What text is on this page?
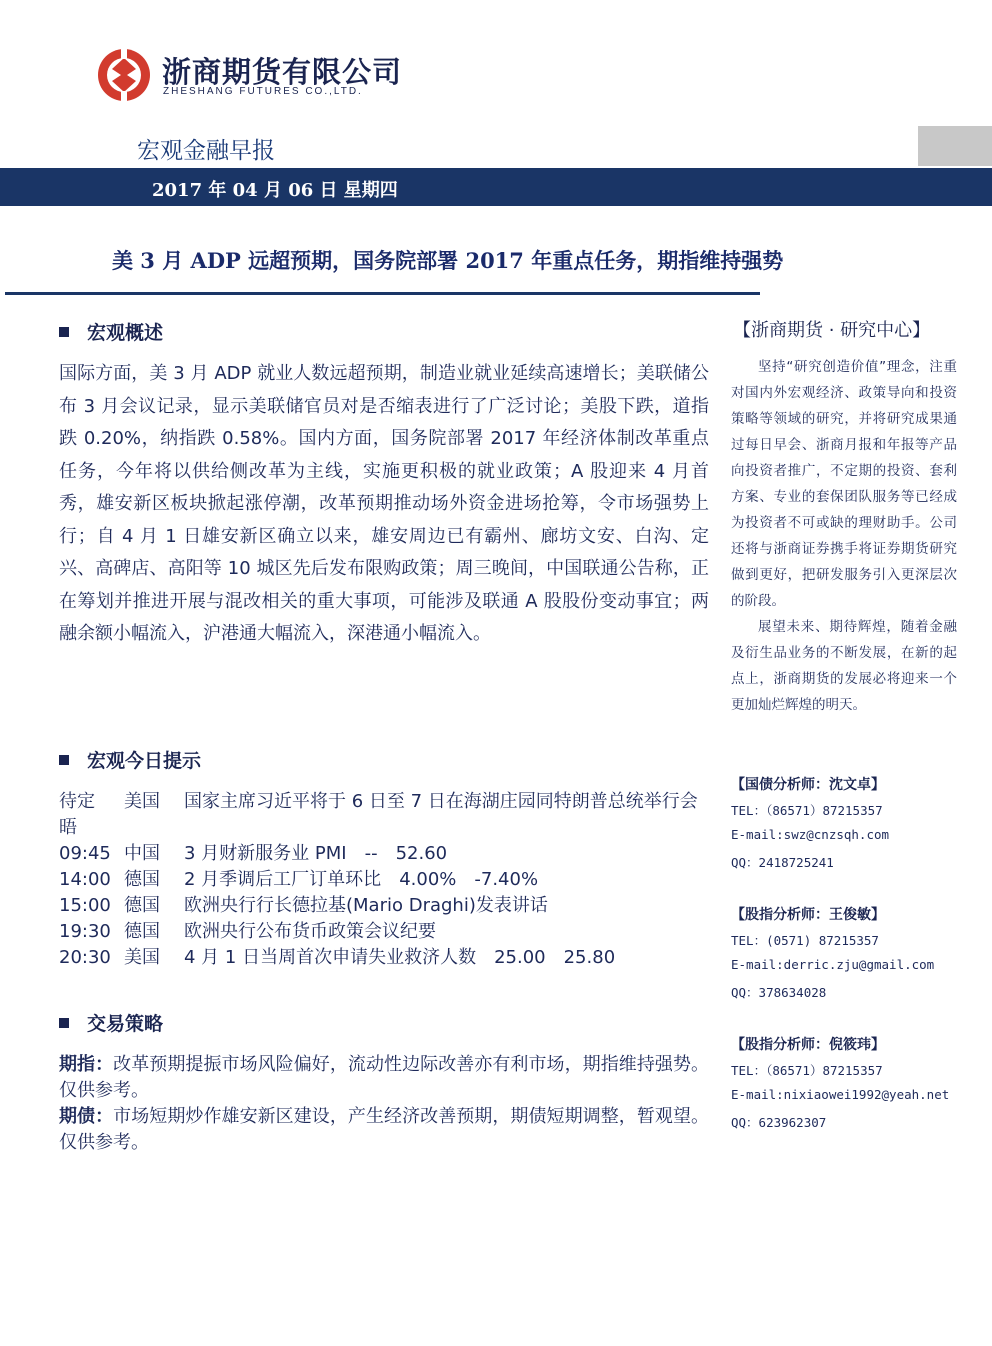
浙商期货有限公司
ZHESHANG FUTURES CO.,LTD.
宏观金融早报
2017 年 04 月 06 日 星期四
美 3 月 ADP 远超预期，国务院部署 2017 年重点任务，期指维持强势
宏观概述
国际方面，美 3 月 ADP 就业人数远超预期，制造业就业延续高速增长；美联储公布 3 月会议记录，显示美联储官员对是否缩表进行了广泛讨论；美股下跌，道指跌 0.20%，纳指跌 0.58%。国内方面，国务院部署 2017 年经济体制改革重点任务，今年将以供给侧改革为主线，实施更积极的就业政策；A 股迎来 4 月首秀，雄安新区板块掀起涨停潮，改革预期推动场外资金进场抢筹，令市场强势上行；自 4 月 1 日雄安新区确立以来，雄安周边已有霸州、廊坊文安、白沟、定兴、高碑店、高阳等 10 城区先后发布限购政策；周三晚间，中国联通公告称，正在筹划并推进开展与混改相关的重大事项，可能涉及联通 A 股股份变动事宜；两融余额小幅流入，沪港通大幅流入，深港通小幅流入。
宏观今日提示
待定 美国 国家主席习近平将于 6 日至 7 日在海湖庄园同特朗普总统举行会晤
09:45 中国 3 月财新服务业 PMI -- 52.60
14:00 德国 2 月季调后工厂订单环比 4.00% -7.40%
15:00 德国 欧洲央行行长德拉基(Mario Draghi)发表讲话
19:30 德国 欧洲央行公布货币政策会议纪要
20:30 美国 4 月 1 日当周首次申请失业救济人数 25.00 25.80
交易策略
期指：改革预期提振市场风险偏好，流动性边际改善亦有利市场，期指维持强势。仅供参考。
期债：市场短期炒作雄安新区建设，产生经济改善预期，期债短期调整，暂观望。仅供参考。
【浙商期货 · 研究中心】
坚持“研究创造价值”理念，注重对国内外宏观经济、政策导向和投资策略等领域的研究，并将研究成果通过每日早会、浙商月报和年报等产品向投资者推广，不定期的投资、套利方案、专业的套保团队服务等已经成为投资者不可或缺的理财助手。公司还将与浙商证券携手将证券期货研究做到更好，把研发服务引入更深层次的阶段。
展望未来、期待辉煌，随着金融及衍生品业务的不断发展，在新的起点上，浙商期货的发展必将迎来一个更加灿烂辉煌的明天。
【国债分析师：沈文卓】
TEL：（86571）87215357
E-mail:swz@cnzsqh.com
QQ：2418725241
【股指分析师：王俊敏】
TEL：(0571) 87215357
E-mail:derric.zju@gmail.com
QQ：378634028
【股指分析师：倪筱玮】
TEL：（86571）87215357
E-mail:nixiaowei1992@yeah.net
QQ：623962307
